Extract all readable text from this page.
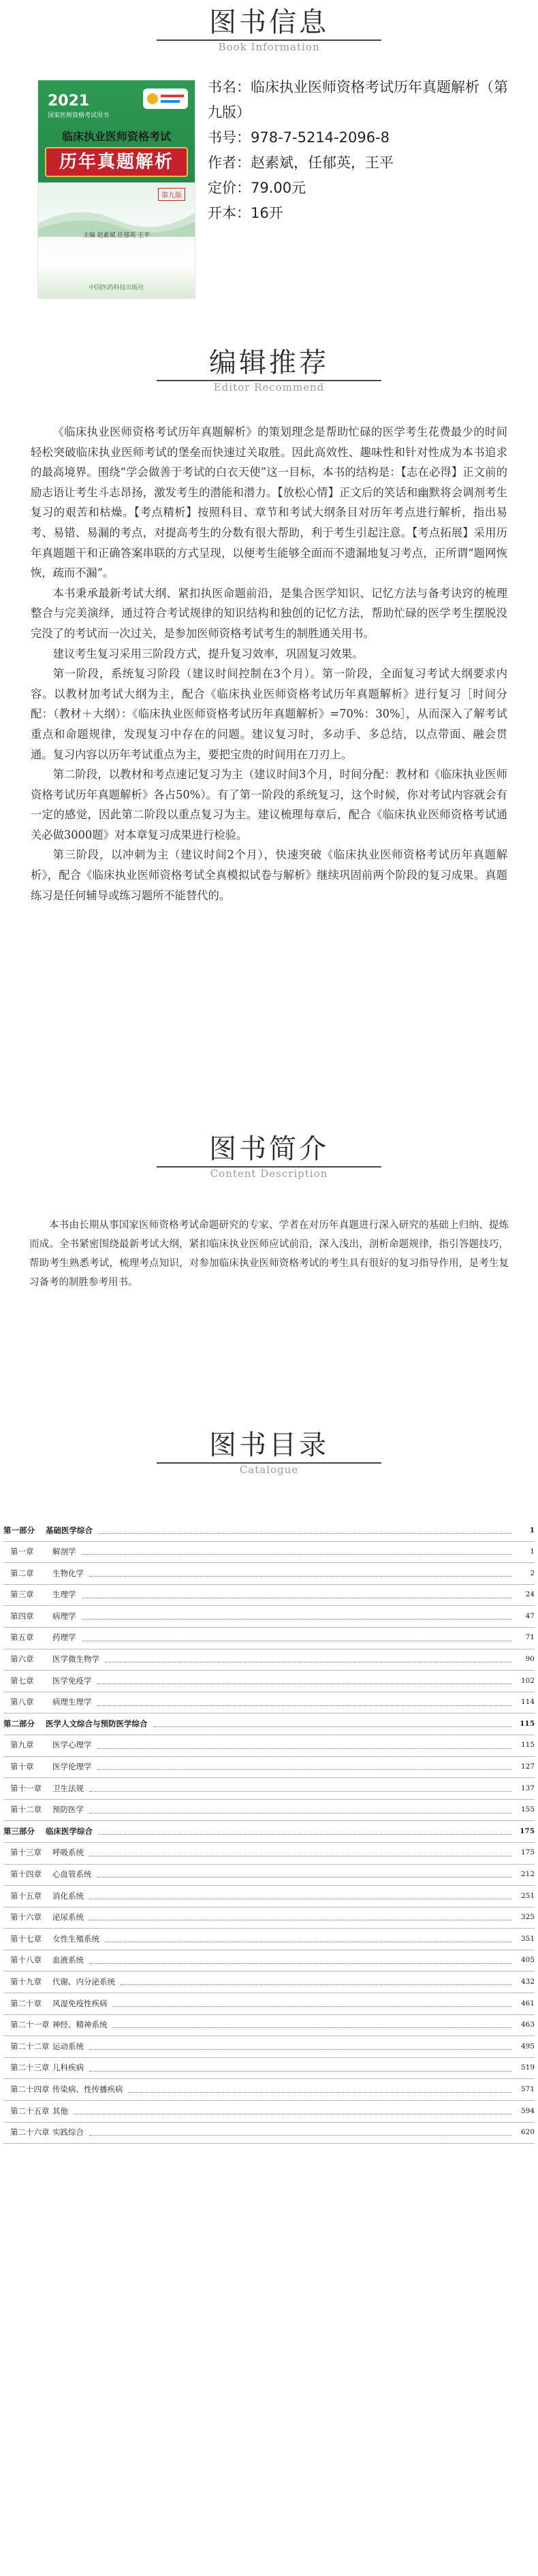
图书信息
Book Information
2021
国家医师资格考试用书
临床执业医师资格考试
历年真题解析
第九版
主编 赵素斌 任郁英 王平
中国医药科技出版社
书名：临床执业医师资格考试历年真题解析（第九版）
书号：978-7-5214-2096-8
作者：赵素斌，任郁英，王平
定价：79.00元
开本：16开
编辑推荐
Editor Recommend

《临床执业医师资格考试历年真题解析》的策划理念是帮助忙碌的医学考生花费最少的时间轻松突破临床执业医师考试的堡垒而快速过关取胜。因此高效性、趣味性和针对性成为本书追求的最高境界。围绕“学会做善于考试的白衣天使”这一目标，本书的结构是：【志在必得】正文前的励志语让考生斗志昂扬，激发考生的潜能和潜力。【放松心情】正文后的笑话和幽默将会调剂考生复习的艰苦和枯燥。【考点精析】按照科目、章节和考试大纲条目对历年考点进行解析，指出易考、易错、易漏的考点，对提高考生的分数有很大帮助，利于考生引起注意。【考点拓展】采用历年真题题干和正确答案串联的方式呈现，以便考生能够全面而不遗漏地复习考点，正所谓“题网恢恢，疏而不漏”。

本书秉承最新考试大纲、紧扣执医命题前沿，是集合医学知识、记忆方法与备考诀窍的梳理整合与完美演绎，通过符合考试规律的知识结构和独创的记忆方法，帮助忙碌的医学考生摆脱没完没了的考试而一次过关，是参加医师资格考试考生的制胜通关用书。

建议考生复习采用三阶段方式，提升复习效率，巩固复习效果。

第一阶段，系统复习阶段（建议时间控制在3个月）。第一阶段，全面复习考试大纲要求内容。以教材加考试大纲为主，配合《临床执业医师资格考试历年真题解析》进行复习［时间分配：（教材＋大纲）：《临床执业医师资格考试历年真题解析》=70%：30%］，从而深入了解考试重点和命题规律，发现复习中存在的问题。建议复习时，多动手、多总结，以点带面、融会贯通。复习内容以历年考试重点为主，要把宝贵的时间用在刀刃上。

第二阶段，以教材和考点速记复习为主（建议时间3个月，时间分配：教材和《临床执业医师资格考试历年真题解析》各占50%）。有了第一阶段的系统复习，这个时候，你对考试内容就会有一定的感觉，因此第二阶段以重点复习为主。建议梳理每章后，配合《临床执业医师资格考试通关必做3000题》对本章复习成果进行检验。

第三阶段，以冲刺为主（建议时间2个月），快速突破《临床执业医师资格考试历年真题解析》，配合《临床执业医师资格考试全真模拟试卷与解析》继续巩固前两个阶段的复习成果。真题练习是任何辅导或练习题所不能替代的。

图书简介
Content Description
本书由长期从事国家医师资格考试命题研究的专家、学者在对历年真题进行深入研究的基础上归纳、提炼而成。全书紧密围绕最新考试大纲，紧扣临床执业医师应试前沿，深入浅出，剖析命题规律，指引答题技巧，帮助考生熟悉考试，梳理考点知识，对参加临床执业医师资格考试的考生具有很好的复习指导作用，是考生复习备考的制胜参考用书。
图书目录
Catalogue
第一部分	基础医学综合	1
第一章	解剖学	1
第二章	生物化学	2
第三章	生理学	24
第四章	病理学	47
第五章	药理学	71
第六章	医学微生物学	90
第七章	医学免疫学	102
第八章	病理生理学	114
第二部分	医学人文综合与预防医学综合	115
第九章	医学心理学	115
第十章	医学伦理学	127
第十一章	卫生法规	137
第十二章	预防医学	155
第三部分	临床医学综合	175
第十三章	呼吸系统	175
第十四章	心血管系统	212
第十五章	消化系统	251
第十六章	泌尿系统	325
第十七章	女性生殖系统	351
第十八章	血液系统	405
第十九章	代谢、内分泌系统	432
第二十章	风湿免疫性疾病	461
第二十一章 神经、精神系统	463
第二十二章 运动系统	495
第二十三章 儿科疾病	519
第二十四章 传染病、性传播疾病	571
第二十五章 其他	594
第二十六章 实践综合	620
